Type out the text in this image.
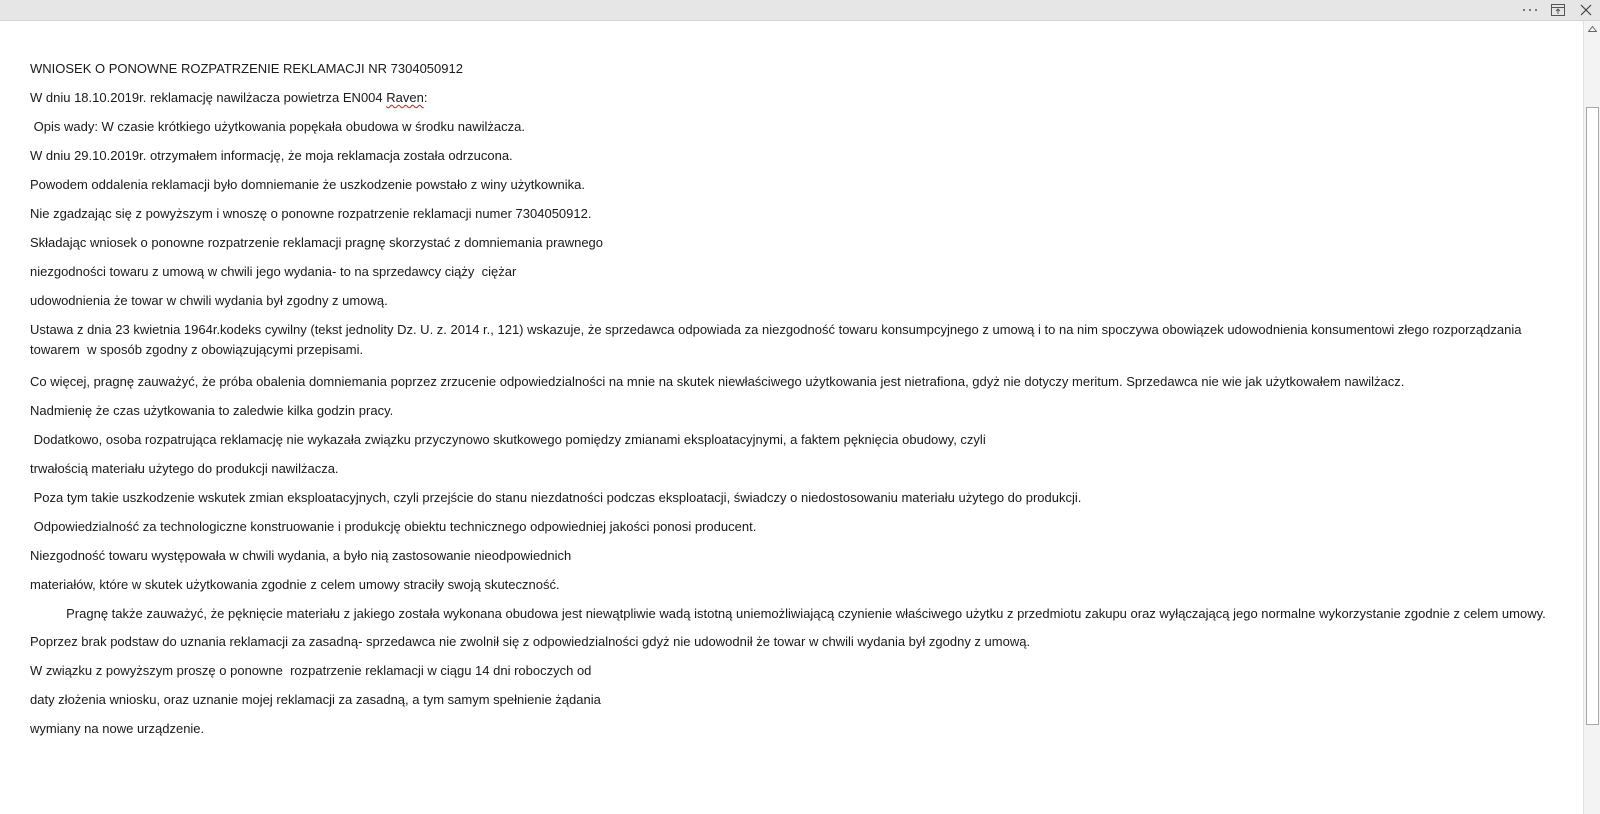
WNIOSEK O PONOWNE ROZPATRZENIE REKLAMACJI NR 7304050912

W dniu 18.10.2019r. reklamację nawilżacza powietrza EN004 Raven:

Opis wady: W czasie krótkiego użytkowania popękała obudowa w środku nawilżacza.

W dniu 29.10.2019r. otrzymałem informację, że moja reklamacja została odrzucona.

Powodem oddalenia reklamacji było domniemanie że uszkodzenie powstało z winy użytkownika.

Nie zgadzając się z powyższym i wnoszę o ponowne rozpatrzenie reklamacji numer 7304050912.

Składając wniosek o ponowne rozpatrzenie reklamacji pragnę skorzystać z domniemania prawnego

niezgodności towaru z umową w chwili jego wydania- to na sprzedawcy ciąży  ciężar

udowodnienia że towar w chwili wydania był zgodny z umową.

Ustawa z dnia 23 kwietnia 1964r.kodeks cywilny (tekst jednolity Dz. U. z. 2014 r., 121) wskazuje, że sprzedawca odpowiada za niezgodność towaru konsumpcyjnego z umową i to na nim spoczywa obowiązek udowodnienia konsumentowi złego rozporządzania towarem  w sposób zgodny z obowiązującymi przepisami.

Co więcej, pragnę zauważyć, że próba obalenia domniemania poprzez zrzucenie odpowiedzialności na mnie na skutek niewłaściwego użytkowania jest nietrafiona, gdyż nie dotyczy meritum. Sprzedawca nie wie jak użytkowałem nawilżacz.

Nadmienię że czas użytkowania to zaledwie kilka godzin pracy.

Dodatkowo, osoba rozpatrująca reklamację nie wykazała związku przyczynowo skutkowego pomiędzy zmianami eksploatacyjnymi, a faktem pęknięcia obudowy, czyli

trwałością materiału użytego do produkcji nawilżacza.

Poza tym takie uszkodzenie wskutek zmian eksploatacyjnych, czyli przejście do stanu niezdatności podczas eksploatacji, świadczy o niedostosowaniu materiału użytego do produkcji.

Odpowiedzialność za technologiczne konstruowanie i produkcję obiektu technicznego odpowiedniej jakości ponosi producent.

Niezgodność towaru występowała w chwili wydania, a było nią zastosowanie nieodpowiednich

materiałów, które w skutek użytkowania zgodnie z celem umowy straciły swoją skuteczność.

Pragnę także zauważyć, że pęknięcie materiału z jakiego została wykonana obudowa jest niewątpliwie wadą istotną uniemożliwiającą czynienie właściwego użytku z przedmiotu zakupu oraz wyłączającą jego normalne wykorzystanie zgodnie z celem umowy.

Poprzez brak podstaw do uznania reklamacji za zasadną- sprzedawca nie zwolnił się z odpowiedzialności gdyż nie udowodnił że towar w chwili wydania był zgodny z umową.

W związku z powyższym proszę o ponowne  rozpatrzenie reklamacji w ciągu 14 dni roboczych od

daty złożenia wniosku, oraz uznanie mojej reklamacji za zasadną, a tym samym spełnienie żądania

wymiany na nowe urządzenie.
